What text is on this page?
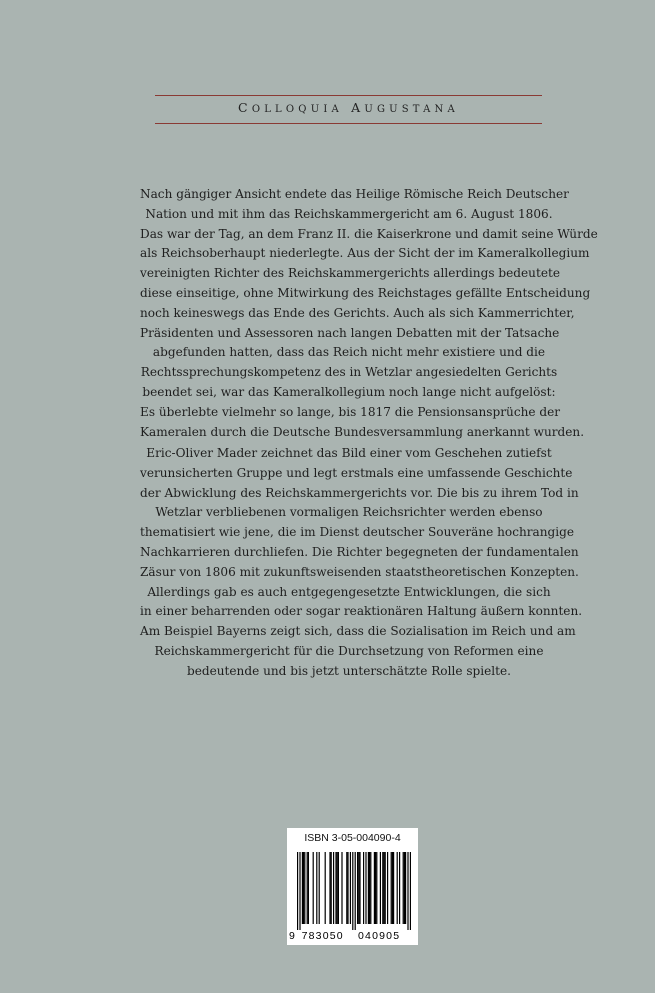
COLLOQUIA AUGUSTANA

Nach gängiger Ansicht endete das Heilige Römische Reich Deutscher
Nation und mit ihm das Reichskammergericht am 6. August 1806.
Das war der Tag, an dem Franz II. die Kaiserkrone und damit seine Würde
als Reichsoberhaupt niederlegte. Aus der Sicht der im Kameralkollegium
vereinigten Richter des Reichskammergerichts allerdings bedeutete
diese einseitige, ohne Mitwirkung des Reichstages gefällte Entscheidung
noch keineswegs das Ende des Gerichts. Auch als sich Kammerrichter,
Präsidenten und Assessoren nach langen Debatten mit der Tatsache
abgefunden hatten, dass das Reich nicht mehr existiere und die
Rechtssprechungskompetenz des in Wetzlar angesiedelten Gerichts
beendet sei, war das Kameralkollegium noch lange nicht aufgelöst:
Es überlebte vielmehr so lange, bis 1817 die Pensionsansprüche der
Kameralen durch die Deutsche Bundesversammlung anerkannt wurden.

Eric-Oliver Mader zeichnet das Bild einer vom Geschehen zutiefst
verunsicherten Gruppe und legt erstmals eine umfassende Geschichte
der Abwicklung des Reichskammergerichts vor. Die bis zu ihrem Tod in
Wetzlar verbliebenen vormaligen Reichsrichter werden ebenso
thematisiert wie jene, die im Dienst deutscher Souveräne hochrangige
Nachkarrieren durchliefen. Die Richter begegneten der fundamentalen
Zäsur von 1806 mit zukunftsweisenden staatstheoretischen Konzepten.
Allerdings gab es auch entgegengesetzte Entwicklungen, die sich
in einer beharrenden oder sogar reaktionären Haltung äußern konnten.
Am Beispiel Bayerns zeigt sich, dass die Sozialisation im Reich und am
Reichskammergericht für die Durchsetzung von Reformen eine
bedeutende und bis jetzt unterschätzte Rolle spielte.

ISBN 3-05-004090-4
9 783050 040905
